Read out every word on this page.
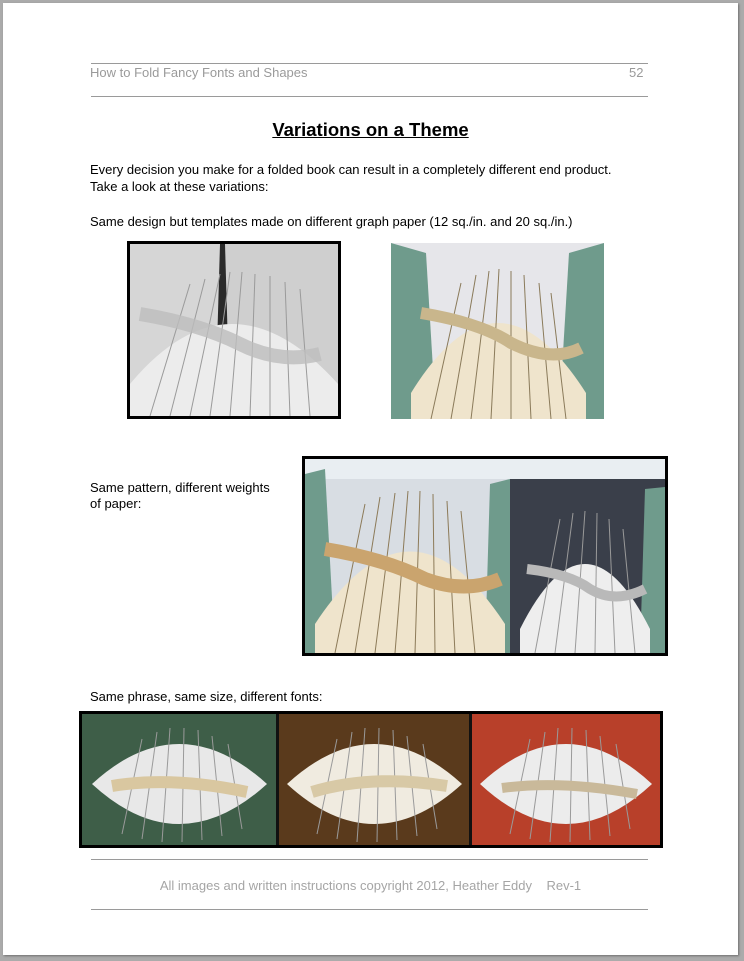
How to Fold Fancy Fonts and Shapes	52
Variations on a Theme
Every decision you make for a folded book can result in a completely different end product.
Take a look at these variations:
Same design but templates made on different graph paper (12 sq./in. and 20 sq./in.)
Same pattern, different weights
of paper:
Same phrase, same size, different fonts:
All images and written instructions copyright 2012, Heather Eddy Rev-1
